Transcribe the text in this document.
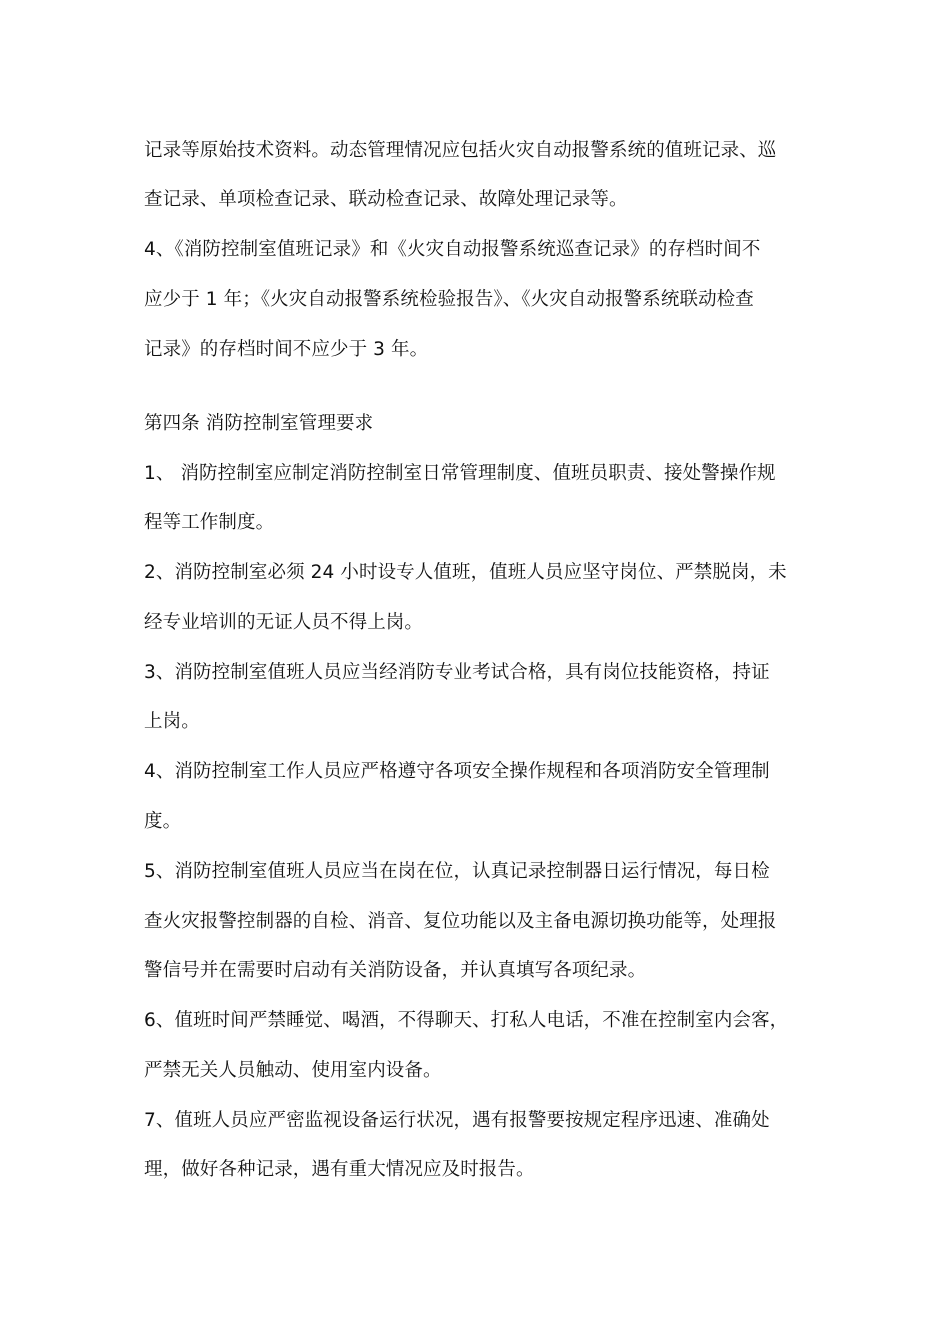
记录等原始技术资料。动态管理情况应包括火灾自动报警系统的值班记录、巡
查记录、单项检查记录、联动检查记录、故障处理记录等。
4、《消防控制室值班记录》和《火灾自动报警系统巡查记录》的存档时间不
应少于 1 年；《火灾自动报警系统检验报告》、《火灾自动报警系统联动检查
记录》的存档时间不应少于 3 年。
第四条 消防控制室管理要求
1、 消防控制室应制定消防控制室日常管理制度、值班员职责、接处警操作规
程等工作制度。
2、消防控制室必须 24 小时设专人值班，值班人员应坚守岗位、严禁脱岗，未
经专业培训的无证人员不得上岗。
3、消防控制室值班人员应当经消防专业考试合格，具有岗位技能资格，持证
上岗。
4、消防控制室工作人员应严格遵守各项安全操作规程和各项消防安全管理制
度。
5、消防控制室值班人员应当在岗在位，认真记录控制器日运行情况，每日检
查火灾报警控制器的自检、消音、复位功能以及主备电源切换功能等，处理报
警信号并在需要时启动有关消防设备，并认真填写各项纪录。
6、值班时间严禁睡觉、喝酒，不得聊天、打私人电话，不准在控制室内会客，
严禁无关人员触动、使用室内设备。
7、值班人员应严密监视设备运行状况，遇有报警要按规定程序迅速、准确处
理，做好各种记录，遇有重大情况应及时报告。
